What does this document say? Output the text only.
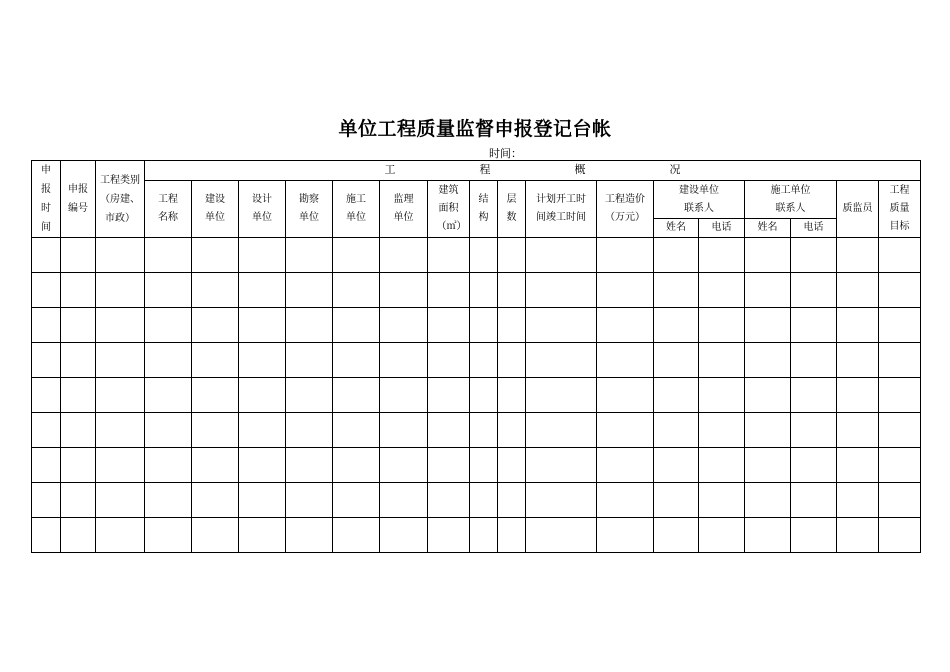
单位工程质量监督申报登记台帐
时间：
申报时间	申报编号	工程类别（房建、市政）	工 程 概 况																
			工程名称	建设单位	设计单位	勘察单位	施工单位	监理单位	建筑面积（㎡）	结构	层数	计划开工时间竣工时间	工程造价（万元）	建设单位联系人		施工单位联系人		质监员	工程质量目标
														姓名	电话	姓名	电话		
